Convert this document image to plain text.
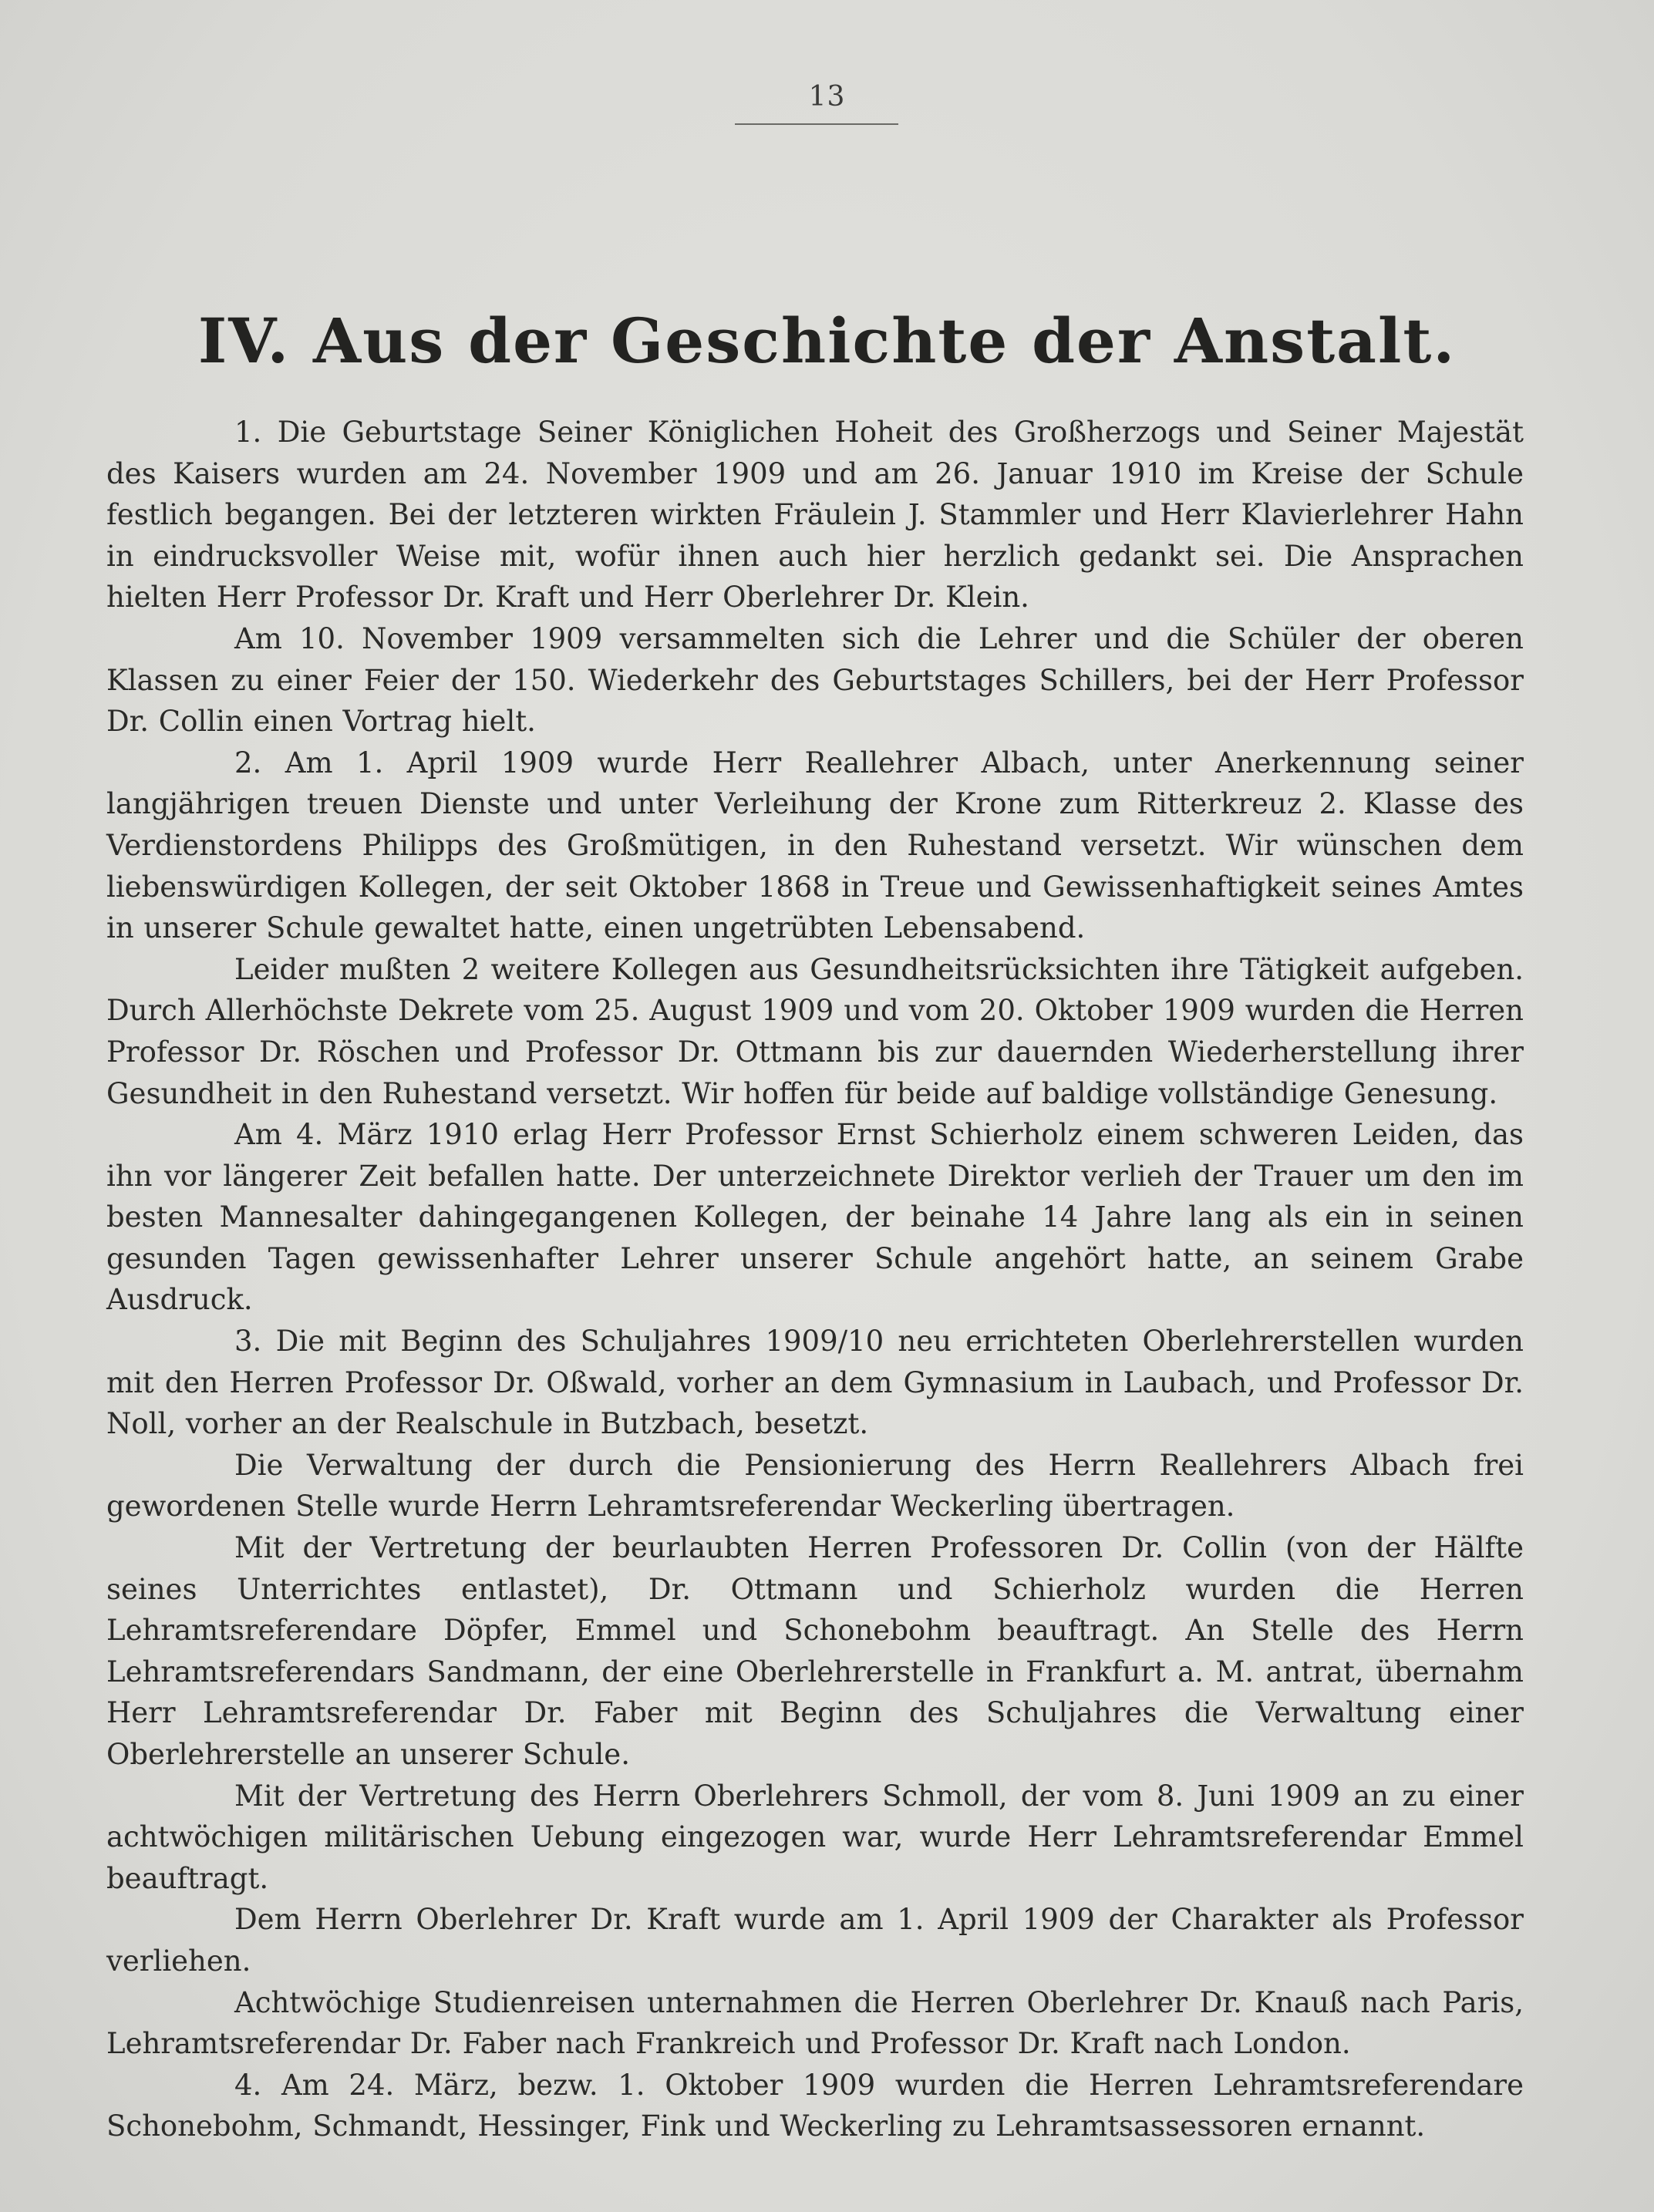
13
IV. Aus der Geschichte der Anstalt.

1. Die Geburtstage Seiner Königlichen Hoheit des Großherzogs und Seiner Majestät des Kaisers wurden am 24. November 1909 und am 26. Januar 1910 im Kreise der Schule festlich begangen. Bei der letzteren wirkten Fräulein J. Stammler und Herr Klavierlehrer Hahn in eindrucksvoller Weise mit, wofür ihnen auch hier herzlich gedankt sei. Die Ansprachen hielten Herr Professor Dr. Kraft und Herr Oberlehrer Dr. Klein.

Am 10. November 1909 versammelten sich die Lehrer und die Schüler der oberen Klassen zu einer Feier der 150. Wiederkehr des Geburtstages Schillers, bei der Herr Professor Dr. Collin einen Vortrag hielt.

2. Am 1. April 1909 wurde Herr Reallehrer Albach, unter Anerkennung seiner langjährigen treuen Dienste und unter Verleihung der Krone zum Ritterkreuz 2. Klasse des Verdienstordens Philipps des Großmütigen, in den Ruhestand versetzt. Wir wünschen dem liebenswürdigen Kollegen, der seit Oktober 1868 in Treue und Gewissenhaftigkeit seines Amtes in unserer Schule gewaltet hatte, einen ungetrübten Lebensabend.

Leider mußten 2 weitere Kollegen aus Gesundheitsrücksichten ihre Tätigkeit aufgeben. Durch Allerhöchste Dekrete vom 25. August 1909 und vom 20. Oktober 1909 wurden die Herren Professor Dr. Röschen und Professor Dr. Ottmann bis zur dauernden Wiederherstellung ihrer Gesundheit in den Ruhestand versetzt. Wir hoffen für beide auf baldige vollständige Genesung.

Am 4. März 1910 erlag Herr Professor Ernst Schierholz einem schweren Leiden, das ihn vor längerer Zeit befallen hatte. Der unterzeichnete Direktor verlieh der Trauer um den im besten Mannesalter dahingegangenen Kollegen, der beinahe 14 Jahre lang als ein in seinen gesunden Tagen gewissenhafter Lehrer unserer Schule angehört hatte, an seinem Grabe Ausdruck.

3. Die mit Beginn des Schuljahres 1909/10 neu errichteten Oberlehrerstellen wurden mit den Herren Professor Dr. Oßwald, vorher an dem Gymnasium in Laubach, und Professor Dr. Noll, vorher an der Realschule in Butzbach, besetzt.

Die Verwaltung der durch die Pensionierung des Herrn Reallehrers Albach frei gewordenen Stelle wurde Herrn Lehramtsreferendar Weckerling übertragen.

Mit der Vertretung der beurlaubten Herren Professoren Dr. Collin (von der Hälfte seines Unterrichtes entlastet), Dr. Ottmann und Schierholz wurden die Herren Lehramtsreferendare Döpfer, Emmel und Schonebohm beauftragt. An Stelle des Herrn Lehramtsreferendars Sandmann, der eine Oberlehrerstelle in Frankfurt a. M. antrat, übernahm Herr Lehramtsreferendar Dr. Faber mit Beginn des Schuljahres die Verwaltung einer Oberlehrerstelle an unserer Schule.

Mit der Vertretung des Herrn Oberlehrers Schmoll, der vom 8. Juni 1909 an zu einer achtwöchigen militärischen Uebung eingezogen war, wurde Herr Lehramtsreferendar Emmel beauftragt.

Dem Herrn Oberlehrer Dr. Kraft wurde am 1. April 1909 der Charakter als Professor verliehen.

Achtwöchige Studienreisen unternahmen die Herren Oberlehrer Dr. Knauß nach Paris, Lehramtsreferendar Dr. Faber nach Frankreich und Professor Dr. Kraft nach London.

4. Am 24. März, bezw. 1. Oktober 1909 wurden die Herren Lehramtsreferendare Schonebohm, Schmandt, Hessinger, Fink und Weckerling zu Lehramtsassessoren ernannt.
